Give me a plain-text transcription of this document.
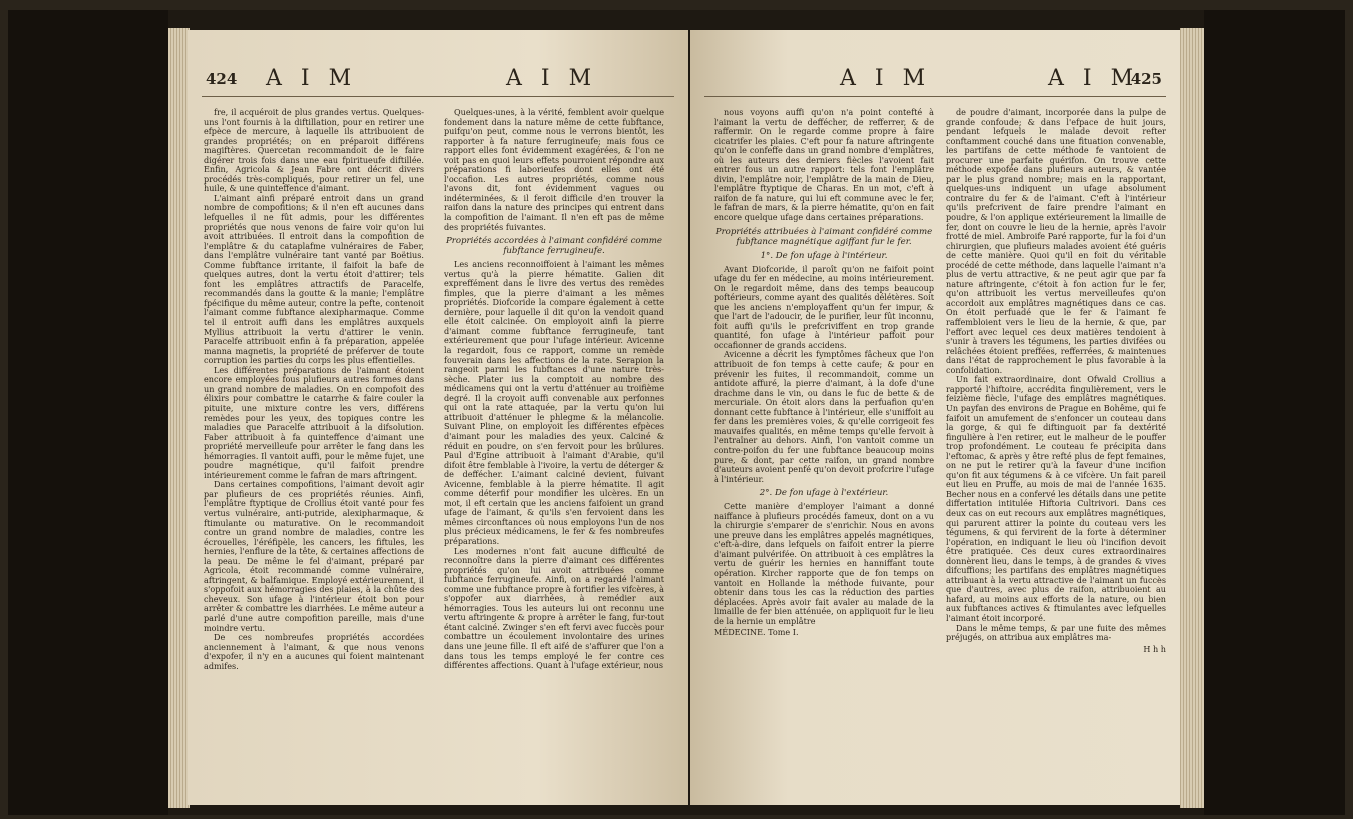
424 A I M	A I M

fre, il acquéroit de plus grandes vertus. Quelques-uns l'ont fournis à la diftillation, pour en retirer une efpèce de mercure, à laquelle ils attribuoient de grandes propriétés; on en préparoit différens magiftères. Quercetan recommandoit de le faire digérer trois fois dans une eau fpiritueufe diftillée. Enfin, Agricola & Jean Fabre ont décrit divers procédés très-compliqués, pour retirer un fel, une huile, & une quinteffence d'aimant.

L'aimant ainfi préparé entroit dans un grand nombre de compofitions; & il n'en eft aucunes dans lefquelles il ne fût admis, pour les différentes propriétés que nous venons de faire voir qu'on lui avoit attribuées. Il entroit dans la compofition de l'emplâtre & du cataplafme vulnéraires de Faber, dans l'emplâtre vulnéraire tant vanté par Boëtius. Comme fubftance irritante, il faifoit la bafe de quelques autres, dont la vertu étoit d'attirer; tels font les emplâtres attractifs de Paracelfe, recommandés dans la goutte & la manie; l'emplâtre fpécifique du même auteur, contre la pefte, contenoit l'aimant comme fubftance alexipharmaque. Comme tel il entroit auffi dans les emplâtres auxquels Myllius attribuoit la vertu d'attirer le venin. Paracelfe attribuoit enfin à fa préparation, appelée manna magnetis, la propriété de préferver de toute corruption les parties du corps les plus effentielles.

Les différentes préparations de l'aimant étoient encore employées fous plufieurs autres formes dans un grand nombre de maladies. On en compofoit des élixirs pour combattre le catarrhe & faire couler la pituite, une mixture contre les vers, différens remèdes pour les yeux, des topiques contre les maladies que Paracelfe attribuoit à la difsolution. Faber attribuoit à fa quinteffence d'aimant une propriété merveilleufe pour arrêter le fang dans les hémorragies. Il vantoit auffi, pour le même fujet, une poudre magnétique, qu'il faifoit prendre intérieurement comme le fafran de mars aftringent.

Dans certaines compofitions, l'aimant devoit agir par plufieurs de ces propriétés réunies. Ainfi, l'emplâtre ftyptique de Crollius étoit vanté pour fes vertus vulnéraire, anti-putride, alexipharmaque, & ftimulante ou maturative. On le recommandoit contre un grand nombre de maladies, contre les écrouelles, l'éréfipèle, les cancers, les fiftules, les hernies, l'enflure de la tête, & certaines affections de la peau. De même le fel d'aimant, préparé par Agricola, étoit recommandé comme vulnéraire, aftringent, & balfamique. Employé extérieurement, il s'oppofoit aux hémorragies des plaies, à la chûte des cheveux. Son ufage à l'intérieur étoit bon pour arrêter & combattre les diarrhées. Le même auteur a parlé d'une autre compofition pareille, mais d'une moindre vertu.

De ces nombreufes propriétés accordées anciennement à l'aimant, & que nous venons d'expofer, il n'y en a aucunes qui foient maintenant admifes.

Quelques-unes, à la vérité, femblent avoir quelque fondement dans la nature même de cette fubftance, puifqu'on peut, comme nous le verrons bientôt, les rapporter à fa nature ferrugineufe; mais fous ce rapport elles font évidemment exagérées, & l'on ne voit pas en quoi leurs effets pourroient répondre aux préparations fi laborieufes dont elles ont été l'occafion. Les autres propriétés, comme nous l'avons dit, font évidemment vagues ou indéterminées, & il feroit difficile d'en trouver la raifon dans la nature des principes qui entrent dans la compofition de l'aimant. Il n'en eft pas de même des propriétés fuivantes.

Propriétés accordées à l'aimant confidéré comme fubftance ferrugineufe.

Les anciens reconnoiffoient à l'aimant les mêmes vertus qu'à la pierre hématite. Galien dit expreffément dans le livre des vertus des remèdes fimples, que la pierre d'aimant a les mêmes propriétés. Diofcoride la compare également à cette dernière, pour laquelle il dit qu'on la vendoit quand elle étoit calcinée. On employoit ainfi la pierre d'aimant comme fubftance ferrugineufe, tant extérieurement que pour l'ufage intérieur. Avicenne la regardoit, fous ce rapport, comme un remède fouverain dans les affections de la rate. Serapion la rangeoit parmi les fubftances d'une nature très-sèche. Plater ius la comptoit au nombre des médicamens qui ont la vertu d'atténuer au troifième degré. Il la croyoit auffi convenable aux perfonnes qui ont la rate attaquée, par la vertu qu'on lui attribuoit d'atténuer le phlegme & la mélancolie. Suivant Pline, on employoit les différentes efpèces d'aimant pour les maladies des yeux. Calciné & réduit en poudre, on s'en fervoit pour les brûlures. Paul d'Egine attribuoit à l'aimant d'Arabie, qu'il difoit être femblable à l'ivoire, la vertu de déterger & de deffécher. L'aimant calciné devient, fuivant Avicenne, femblable à la pierre hématite. Il agit comme déterfif pour mondifier les ulcères. En un mot, il eft certain que les anciens faifoient un grand ufage de l'aimant, & qu'ils s'en fervoient dans les mêmes circonftances où nous employons l'un de nos plus précieux médicamens, le fer & fes nombreufes préparations.

Les modernes n'ont fait aucune difficulté de reconnoître dans la pierre d'aimant ces différentes propriétés qu'on lui avoit attribuées comme fubftance ferrugineufe. Ainfi, on a regardé l'aimant comme une fubftance propre à fortifier les vifcères, à s'oppofer aux diarrhées, à remédier aux hémorragies. Tous les auteurs lui ont reconnu une vertu aftringente & propre à arrêter le fang, fur-tout étant calciné. Zwinger s'en eft fervi avec fuccès pour combattre un écoulement involontaire des urines dans une jeune fille. Il eft aifé de s'affurer que l'on a dans tous les temps employé le fer contre ces différentes affections. Quant à l'ufage extérieur, nous

A I M	A I M
425

nous voyons auffi qu'on n'a point contefté à l'aimant la vertu de deffécher, de refferrer, & de raffermir. On le regarde comme propre à faire cicatrifer les plaies. C'eft pour fa nature aftringente qu'on le confeffe dans un grand nombre d'emplâtres, où les auteurs des derniers fiècles l'avoient fait entrer fous un autre rapport: tels font l'emplâtre divin, l'emplâtre noir, l'emplâtre de la main de Dieu, l'emplâtre ftyptique de Charas. En un mot, c'eft à raifon de fa nature, qui lui eft commune avec le fer, le fafran de mars, & la pierre hématite, qu'on en fait encore quelque ufage dans certaines préparations.

Propriétés attribuées à l'aimant confidéré comme fubftance magnétique agiffant fur le fer.
1°. De fon ufage à l'intérieur.

Avant Diofcoride, il paroît qu'on ne faifoit point ufage du fer en médecine, au moins intérieurement. On le regardoit même, dans des temps beaucoup poftérieurs, comme ayant des qualités délétères. Soit que les anciens n'employaffent qu'un fer impur, & que l'art de l'adoucir, de le purifier, leur fût inconnu, foit auffi qu'ils le prefcriviffent en trop grande quantité, fon ufage à l'intérieur paffoit pour occafionner de grands accidens.

Avicenne a décrit les fymptômes fâcheux que l'on attribuoit de fon temps à cette caufe; & pour en prévenir les fuites, il recommandoit, comme un antidote affuré, la pierre d'aimant, à la dofe d'une drachme dans le vin, ou dans le fuc de bette & de mercuriale. On étoit alors dans la perfuafion qu'en donnant cette fubftance à l'intérieur, elle s'uniffoit au fer dans les premières voies, & qu'elle corrigeoit fes mauvaifes qualités, en même temps qu'elle fervoit à l'entraîner au dehors. Ainfi, l'on vantoit comme un contre-poifon du fer une fubftance beaucoup moins pure, & dont, par cette raifon, un grand nombre d'auteurs avoient penfé qu'on devoit profcrire l'ufage à l'intérieur.

2°. De fon ufage à l'extérieur.

Cette manière d'employer l'aimant a donné naiffance à plufieurs procédés fameux, dont on a vu la chirurgie s'emparer de s'enrichir. Nous en avons une preuve dans les emplâtres appelés magnétiques, c'eft-à-dire, dans lefquels on faifoit entrer la pierre d'aimant pulvérifée. On attribuoit à ces emplâtres la vertu de guérir les hernies en hanniffant toute opération. Kircher rapporte que de fon temps on vantoit en Hollande la méthode fuivante, pour obtenir dans tous les cas la réduction des parties déplacées. Après avoir fait avaler au malade de la limaille de fer bien atténuée, on appliquoit fur le lieu de la hernie un emplâtre

MÉDECINE. Tome I.

de poudre d'aimant, incorporée dans la pulpe de grande confoude; & dans l'efpace de huit jours, pendant lefquels le malade devoit refter conftamment couché dans une fituation convenable, les partifans de cette méthode fe vantoient de procurer une parfaite guérifon. On trouve cette méthode expofée dans plufieurs auteurs, & vantée par le plus grand nombre; mais en la rapportant, quelques-uns indiquent un ufage absolument contraire du fer & de l'aimant. C'eft à l'intérieur qu'ils prefcrivent de faire prendre l'aimant en poudre, & l'on applique extérieurement la limaille de fer, dont on couvre le lieu de la hernie, après l'avoir frotté de miel. Ambroife Paré rapporte, fur la foi d'un chirurgien, que plufieurs malades avoient été guéris de cette manière. Quoi qu'il en foit du véritable procédé de cette méthode, dans laquelle l'aimant n'a plus de vertu attractive, & ne peut agir que par fa nature aftringente, c'étoit à fon action fur le fer, qu'on attribuoit les vertus merveilleufes qu'on accordoit aux emplâtres magnétiques dans ce cas. On étoit perfuadé que le fer & l'aimant fe raffembloient vers le lieu de la hernie, & que, par l'effort avec lequel ces deux matières tendoient à s'unir à travers les tégumens, les parties divifées ou relâchées étoient preffées, refferrées, & maintenues dans l'état de rapprochement le plus favorable à la confolidation.

Un fait extraordinaire, dont Ofwald Crollius a rapporté l'hiftoire, accrédita fingulièrement, vers le feizième fiècle, l'ufage des emplâtres magnétiques. Un payfan des environs de Prague en Bohême, qui fe faifoit un amufement de s'enfoncer un couteau dans la gorge, & qui fe diftinguoit par fa dextérité fingulière à l'en retirer, eut le malheur de le pouffer trop profondément. Le couteau fe précipita dans l'eftomac, & après y être refté plus de fept femaines, on ne put le retirer qu'à la faveur d'une incifion qu'on fit aux tégumens & à ce vifcère. Un fait pareil eut lieu en Pruffe, au mois de mai de l'année 1635. Becher nous en a confervé les détails dans une petite differtation intitulée Hiftoria Cultrivori. Dans ces deux cas on eut recours aux emplâtres magnétiques, qui parurent attirer la pointe du couteau vers les tégumens, & qui fervirent de la forte à déterminer l'opération, en indiquant le lieu où l'incifion devoit être pratiquée. Ces deux cures extraordinaires donnèrent lieu, dans le temps, à de grandes & vives difcuffions; les partifans des emplâtres magnétiques attribuant à la vertu attractive de l'aimant un fuccès que d'autres, avec plus de raifon, attribuoient au hafard, au moins aux efforts de la nature, ou bien aux fubftances actives & ftimulantes avec lefquelles l'aimant étoit incorporé.

Dans le même temps, & par une fuite des mêmes préjugés, on attribua aux emplâtres ma-

H h h
